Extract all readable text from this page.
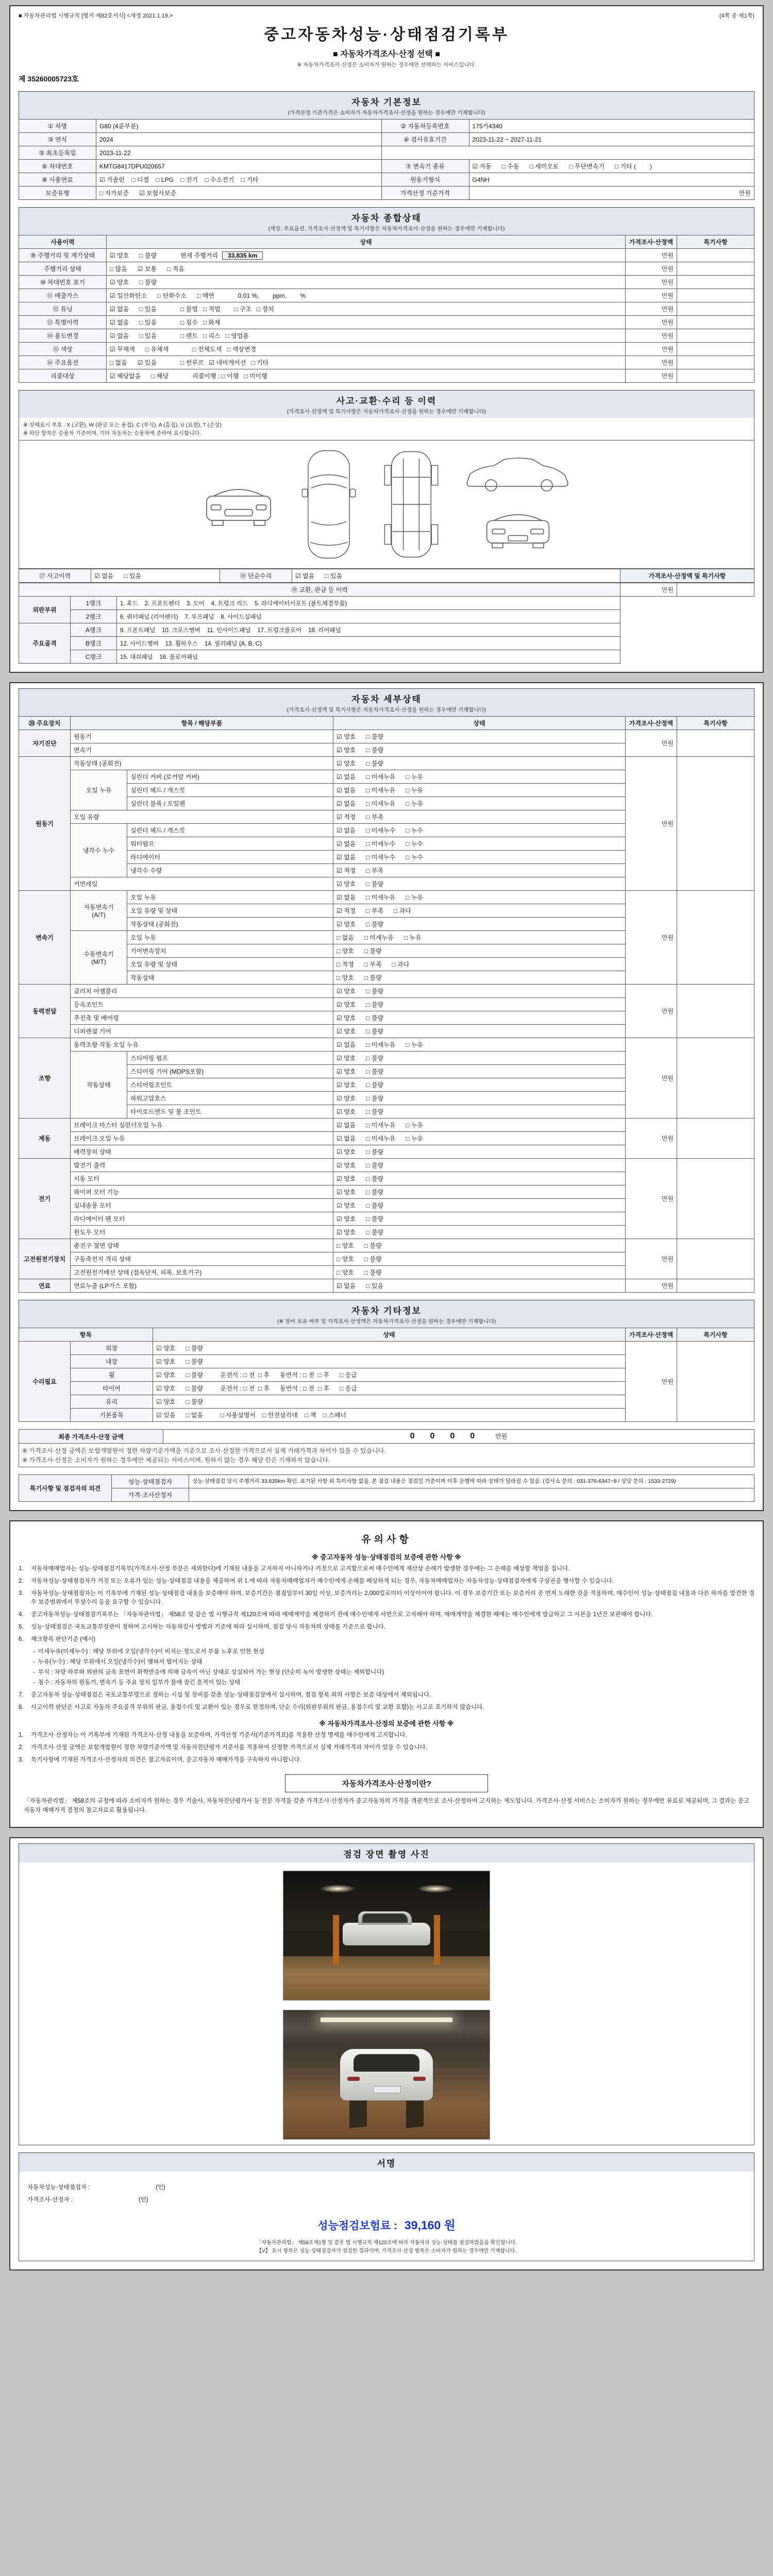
■ 자동차관리법 시행규칙 [별지 제82호서식] <개정 2021.1.19.>	(4쪽 중 제1쪽)
중고자동차성능·상태점검기록부
■ 자동차가격조사·산정 선택 ■
※ 자동차가격조사·산정은 소비자가 원하는 경우에만 선택하는 서비스입니다.
제 35260005723호
자동차 기본정보
(가격산정 기준가격은 소비자가 자동차가격조사·산정을 원하는 경우에만 기재합니다)
① 차명	G80 (4륜부분)	② 자동차등록번호	175가4340
③ 연식	2024	④ 검사유효기간	2023-11-22 ~ 2027-11-21
⑤ 최초등록일	2023-11-22		
⑥ 차대번호	KMTG8417DPU020657	⑦ 변속기 종류	☑ 자동      □ 수동      □ 세미오토      □ 무단변속기      □ 기타 (        )
⑧ 사용연료	☑ 가솔린    □ 디젤    □ LPG    □ 전기    □ 수소전기    □ 기타	원동기형식	G4NH
보증유형	□ 자가보증      ☑ 보험사보증	가격산정 기준가격	만원
자동차 종합상태
(색상, 주요옵션, 가격조사·산정액 및 특기사항은 자동차가격조사·산정을 원하는 경우에만 기재합니다)
사용이력	상태	가격조사·산정액	특기사항
⑨ 주행거리 및 계기상태	☑ 양호      □ 불량 현재 주행거리 33,835 km	만원	
주행거리 상태	□ 많음      ☑ 보통      □ 적음	만원	
⑩ 차대번호 표기	☑ 양호      □ 불량	만원	
⑪ 배출가스	☑ 일산화탄소      □ 탄화수소      □ 매연 0.01 %,        ppm,        %	만원	
⑫ 튜닝	☑ 없음      □ 있음 □ 불법   □ 적법        □ 구조   □ 장치	만원	
⑬ 특별이력	☑ 없음      □ 있음 □ 침수   □ 화재	만원	
⑭ 용도변경	☑ 없음      □ 있음 □ 렌트   □ 리스   □ 영업용	만원	
⑮ 색상	☑ 무채색      □ 유채색 □ 전체도색   □ 색상변경	만원	
⑯ 주요옵션	□ 없음      ☑ 있음 □ 썬루프   ☑ 네비게이션   □ 기타	만원	
리콜대상	☑ 해당없음      □ 해당 리콜이행 : □ 이행   □ 미이행	만원	
사고·교환·수리 등 이력
(가격조사·산정액 및 특기사항은 자동차가격조사·산정을 원하는 경우에만 기재합니다)
※ 상태표시 부호 : X (교환), W (판금 또는 용접), C (부식), A (흠집), U (요철), T (손상)
※ 하단 항목은 승용차 기준이며, 기타 자동차는 승용차에 준하여 표시합니다.
⑰ 사고이력	☑ 없음      □ 있음	⑱ 단순수리	☑ 없음      □ 있음	가격조사·산정액 및 특기사항
⑲ 교환, 판금 등 이력			만원	
외판부위	1랭크	1. 후드    2. 프론트펜더    3. 도어    4. 트렁크 리드    5. 라디에이터서포트 (볼트체결부품)		
	2랭크	6. 쿼터패널 (리어펜더)    7. 루프패널    8. 사이드실패널		
주요골격	A랭크	9. 프론트패널    10. 크로스멤버    11. 인사이드패널    17. 트렁크플로어    18. 리어패널		
	B랭크	12. 사이드멤버    13. 휠하우스    14. 필러패널 (A, B, C)		
	C랭크	15. 대쉬패널    16. 플로어패널		
자동차 세부상태
(가격조사·산정액 및 특기사항은 자동차가격조사·산정을 원하는 경우에만 기재합니다)
⑳ 주요장치	항목 / 해당부품		상태	가격조사·산정액	특기사항
자기진단	원동기		☑ 양호      □ 불량	만원	
	변속기		☑ 양호      □ 불량		
원동기	작동상태 (공회전)		☑ 양호      □ 불량	만원	
	오일 누유	실린더 커버 (로커암 커버)	☑ 없음      □ 미세누유      □ 누유		
		실린더 헤드 / 개스킷	☑ 없음      □ 미세누유      □ 누유		
		실린더 블록 / 오일팬	☑ 없음      □ 미세누유      □ 누유		
	오일 유량		☑ 적정      □ 부족		
	냉각수 누수	실린더 헤드 / 개스킷	☑ 없음      □ 미세누수      □ 누수		
		워터펌프	☑ 없음      □ 미세누수      □ 누수		
		라디에이터	☑ 없음      □ 미세누수      □ 누수		
		냉각수 수량	☑ 적정      □ 부족		
	커먼레일		☑ 양호      □ 불량		
변속기	자동변속기
(A/T)	오일 누유	☑ 없음      □ 미세누유      □ 누유	만원	
		오일 유량 및 상태	☑ 적정      □ 부족      □ 과다		
		작동상태 (공회전)	☑ 양호      □ 불량		
	수동변속기
(M/T)	오일 누유	□ 없음      □ 미세누유      □ 누유		
		기어변속장치	□ 양호      □ 불량		
		오일 유량 및 상태	□ 적정      □ 부족      □ 과다		
		작동상태	□ 양호      □ 불량		
동력전달	클러치 어셈블리		☑ 양호      □ 불량	만원	
	등속조인트		☑ 양호      □ 불량		
	추진축 및 베어링		☑ 양호      □ 불량		
	디퍼렌셜 기어		☑ 양호      □ 불량		
조향	동력조향 작동 오일 누유		☑ 없음      □ 미세누유      □ 누유	만원	
	작동상태	스티어링 펌프	☑ 양호      □ 불량		
		스티어링 기어 (MDPS포함)	☑ 양호      □ 불량		
		스티어링조인트	☑ 양호      □ 불량		
		파워고압호스	☑ 양호      □ 불량		
		타이로드엔드 및 볼 조인트	☑ 양호      □ 불량		
제동	브레이크 마스터 실린더오일 누유		☑ 없음      □ 미세누유      □ 누유	만원	
	브레이크 오일 누유		☑ 없음      □ 미세누유      □ 누유		
	배력장치 상태		☑ 양호      □ 불량		
전기	발전기 출력		☑ 양호      □ 불량	만원	
	시동 모터		☑ 양호      □ 불량		
	와이퍼 모터 기능		☑ 양호      □ 불량		
	실내송풍 모터		☑ 양호      □ 불량		
	라디에이터 팬 모터		☑ 양호      □ 불량		
	윈도우 모터		☑ 양호      □ 불량		
고전원전기장치	충전구 절연 상태		□ 양호      □ 불량	만원	
	구동축전지 격리 상태		□ 양호      □ 불량		
	고전원전기배선 상태 (접속단자, 피복, 보호기구)		□ 양호      □ 불량		
연료	연료누출 (LP가스 포함)		☑ 없음      □ 있음	만원	
자동차 기타정보
(※ 장비 보유 여부 및 가격조사·산정액은 자동차가격조사·산정을 원하는 경우에만 기재합니다)
항목		상태	가격조사·산정액	특기사항
수리필요	외장	☑ 양호      □ 불량	만원	
	내장	☑ 양호      □ 불량		
	휠	☑ 양호      □ 불량          운전석 : □ 전  □ 후      동반석 : □ 전  □ 후      □ 응급		
	타이어	☑ 양호      □ 불량          운전석 : □ 전  □ 후      동반석 : □ 전  □ 후      □ 응급		
	유리	☑ 양호      □ 불량		
	기본품목	☑ 있음      □ 없음          □ 사용설명서    □ 안전삼각대    □ 잭    □ 스패너		
최종 가격조사·산정 금액	0000 만원

※ 가격조사·산정 금액은 보험개발원이 정한 차량기준가액을 기준으로 조사·산정한 가격으로서 실제 거래가격과 차이가 있을 수 있습니다.
※ 가격조사·산정은 소비자가 원하는 경우에만 제공되는 서비스이며, 원하지 않는 경우 해당 란은 기재하지 않습니다.
특기사항 및 점검자의 의견	성능·상태점검자	성능·상태점검 당시 주행거리 33,835km 확인. 표기된 사항 외 특이사항 없음. 본 점검 내용은 점검일 기준이며 이후 운행에 따라 상태가 달라질 수 있음. (검사소 문의 : 031-376-6347~8 / 상담 문의 : 1533-2729)
	가격·조사산정자	
유의사항
※ 중고자동차 성능·상태점검의 보증에 관한 사항 ※
1.	자동차매매업자는 성능·상태점검기록부(가격조사·산정 부분은 제외한다)에 기재된 내용을 고지하지 아니하거나 거짓으로 고지함으로써 매수인에게 재산상 손해가 발생한 경우에는 그 손해를 배상할 책임을 집니다.
2.	자동차성능·상태점검자가 거짓 또는 오류가 있는 성능·상태점검 내용을 제공하여 위 1.에 따라 자동차매매업자가 매수인에게 손해를 배상하게 되는 경우, 자동차매매업자는 자동차성능·상태점검자에게 구상권을 행사할 수 있습니다.
3.	자동차성능·상태점검자는 이 기록부에 기재된 성능·상태점검 내용을 보증해야 하며, 보증기간은 점검일부터 30일 이상, 보증거리는 2,000킬로미터 이상이어야 합니다. 이 경우 보증기간 또는 보증거리 중 먼저 도래한 것을 적용하며, 매수인이 성능·상태점검 내용과 다른 하자를 발견한 경우 보증범위에서 무상수리 등을 요구할 수 있습니다.
4.	중고자동차성능·상태점검기록부는 「자동차관리법」 제58조 및 같은 법 시행규칙 제120조에 따라 매매계약을 체결하기 전에 매수인에게 서면으로 고지해야 하며, 매매계약을 체결한 때에는 매수인에게 발급하고 그 사본을 1년간 보관해야 합니다.
5.	성능·상태점검은 국토교통부장관이 정하여 고시하는 자동차검사 방법과 기준에 따라 실시하며, 점검 당시 자동차의 상태를 기준으로 합니다.
6.	체크항목 판단기준 (예시)
- 미세누유(미세누수) : 해당 부위에 오일(냉각수)이 비치는 정도로서 부품 노후로 인한 현상
- 누유(누수) : 해당 부위에서 오일(냉각수)이 맺혀서 떨어지는 상태
- 부식 : 차량 하부와 외판의 금속 표면이 화학반응에 의해 금속이 아닌 상태로 상실되어 가는 현상 (단순히 녹이 발생한 상태는 제외합니다)
- 침수 : 자동차의 원동기, 변속기 등 주요 장치 일부가 물에 잠긴 흔적이 있는 상태
7.	중고자동차 성능·상태점검은 국토교통부령으로 정하는 시설 및 장비를 갖춘 성능·상태점검장에서 실시하며, 점검 항목 외의 사항은 보증 대상에서 제외됩니다.
8.	사고이력 판단은 사고로 자동차 주요골격 부위의 판금, 용접수리 및 교환이 있는 경우로 한정하며, 단순 수리(외판부위의 판금, 용접수리 및 교환 포함)는 사고로 표기하지 않습니다.
※ 자동차가격조사·산정의 보증에 관한 사항 ※
1.	가격조사·산정자는 이 기록부에 기재된 가격조사·산정 내용을 보증하며, 가격산정 기준서(기준가격표)를 적용한 산정 명세를 매수인에게 고지합니다.
2.	가격조사·산정 금액은 보험개발원이 정한 차량기준가액 및 자동차진단평가 기준서를 적용하여 산정한 가격으로서 실제 거래가격과 차이가 있을 수 있습니다.
3.	특기사항에 기재된 가격조사·산정자의 의견은 참고자료이며, 중고자동차 매매가격을 구속하지 아니합니다.
자동차가격조사·산정이란?
「자동차관리법」 제58조의 규정에 따라 소비자가 원하는 경우 기술사, 자동차진단평가사 등 전문 자격을 갖춘 가격조사·산정자가 중고자동차의 가격을 객관적으로 조사·산정하여 고지하는 제도입니다. 가격조사·산정 서비스는 소비자가 원하는 경우에만 유료로 제공되며, 그 결과는 중고자동차 매매가격 결정의 참고자료로 활용됩니다.
점검 장면 촬영 사진
서명
자동차성능·상태점검자 :                                        (인)
가격조사·산정자 :                                        (인)
성능점검보험료 : 39,160 원
「자동차관리법」 제58조제1항 및 같은 법 시행규칙 제120조에 따라 자동차의 성능·상태를 점검하였음을 확인합니다.
【V】 표시 항목은 성능·상태점검자가 점검한 결과이며, 가격조사·산정 항목은 소비자가 원하는 경우에만 기재합니다.
